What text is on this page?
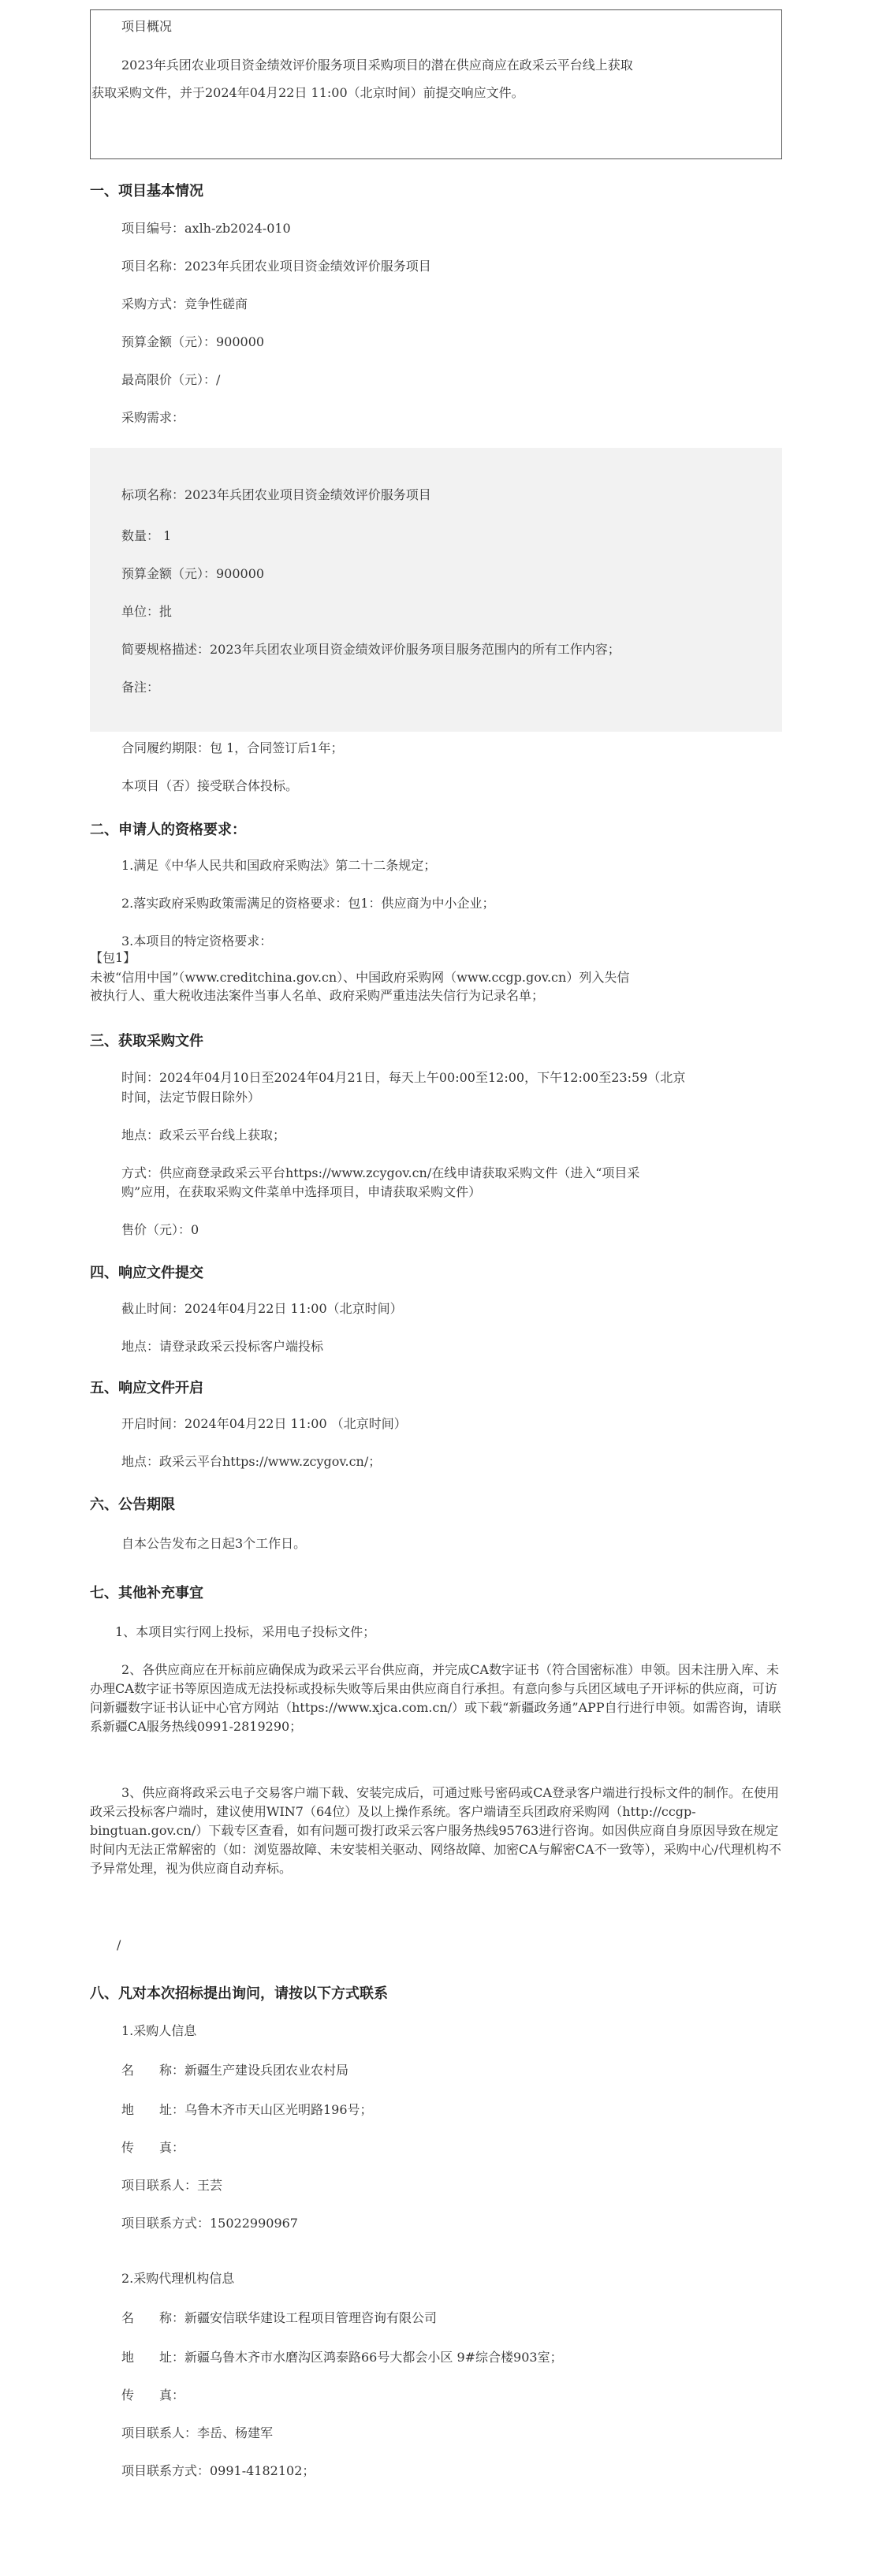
项目概况
2023年兵团农业项目资金绩效评价服务项目采购项目的潜在供应商应在政采云平台线上获取
获取采购文件，并于2024年04月22日 11:00（北京时间）前提交响应文件。
一、项目基本情况
项目编号：axlh-zb2024-010
项目名称：2023年兵团农业项目资金绩效评价服务项目
采购方式：竞争性磋商
预算金额（元）：900000
最高限价（元）：/
采购需求：
标项名称：2023年兵团农业项目资金绩效评价服务项目
数量： 1
预算金额（元）：900000
单位：批
简要规格描述：2023年兵团农业项目资金绩效评价服务项目服务范围内的所有工作内容；
备注：
合同履约期限：包 1，合同签订后1年；
本项目（否）接受联合体投标。
二、申请人的资格要求：
1.满足《中华人民共和国政府采购法》第二十二条规定；
2.落实政府采购政策需满足的资格要求：包1：供应商为中小企业；
3.本项目的特定资格要求：
【包1】
未被“信用中国”（www.creditchina.gov.cn）、中国政府采购网（www.ccgp.gov.cn）列入失信
被执行人、重大税收违法案件当事人名单、政府采购严重违法失信行为记录名单；
三、获取采购文件
时间：2024年04月10日至2024年04月21日，每天上午00:00至12:00，下午12:00至23:59（北京
时间，法定节假日除外）
地点：政采云平台线上获取；
方式：供应商登录政采云平台https://www.zcygov.cn/在线申请获取采购文件（进入“项目采
购”应用，在获取采购文件菜单中选择项目，申请获取采购文件）
售价（元）：0
四、响应文件提交
截止时间：2024年04月22日 11:00（北京时间）
地点：请登录政采云投标客户端投标
五、响应文件开启
开启时间：2024年04月22日 11:00 （北京时间）
地点：政采云平台https://www.zcygov.cn/；
六、公告期限
自本公告发布之日起3个工作日。
七、其他补充事宜
1、本项目实行网上投标，采用电子投标文件；
2、各供应商应在开标前应确保成为政采云平台供应商，并完成CA数字证书（符合国密标准）申领。因未注册入库、未办理CA数字证书等原因造成无法投标或投标失败等后果由供应商自行承担。有意向参与兵团区域电子开评标的供应商，可访问新疆数字证书认证中心官方网站（https://www.xjca.com.cn/）或下载“新疆政务通”APP自行进行申领。如需咨询，请联系新疆CA服务热线0991-2819290；
3、供应商将政采云电子交易客户端下载、安装完成后，可通过账号密码或CA登录客户端进行投标文件的制作。在使用政采云投标客户端时，建议使用WIN7（64位）及以上操作系统。客户端请至兵团政府采购网（http://ccgp-bingtuan.gov.cn/）下载专区查看，如有问题可拨打政采云客户服务热线95763进行咨询。如因供应商自身原因导致在规定时间内无法正常解密的（如：浏览器故障、未安装相关驱动、网络故障、加密CA与解密CA不一致等），采购中心/代理机构不予异常处理，视为供应商自动弃标。
/
八、凡对本次招标提出询问，请按以下方式联系
1.采购人信息
名　　称：新疆生产建设兵团农业农村局
地　　址：乌鲁木齐市天山区光明路196号；
传　　真：
项目联系人：王芸
项目联系方式：15022990967
2.采购代理机构信息
名　　称：新疆安信联华建设工程项目管理咨询有限公司
地　　址：新疆乌鲁木齐市水磨沟区鸿泰路66号大都会小区 9#综合楼903室；
传　　真：
项目联系人：李岳、杨建军
项目联系方式：0991-4182102；
